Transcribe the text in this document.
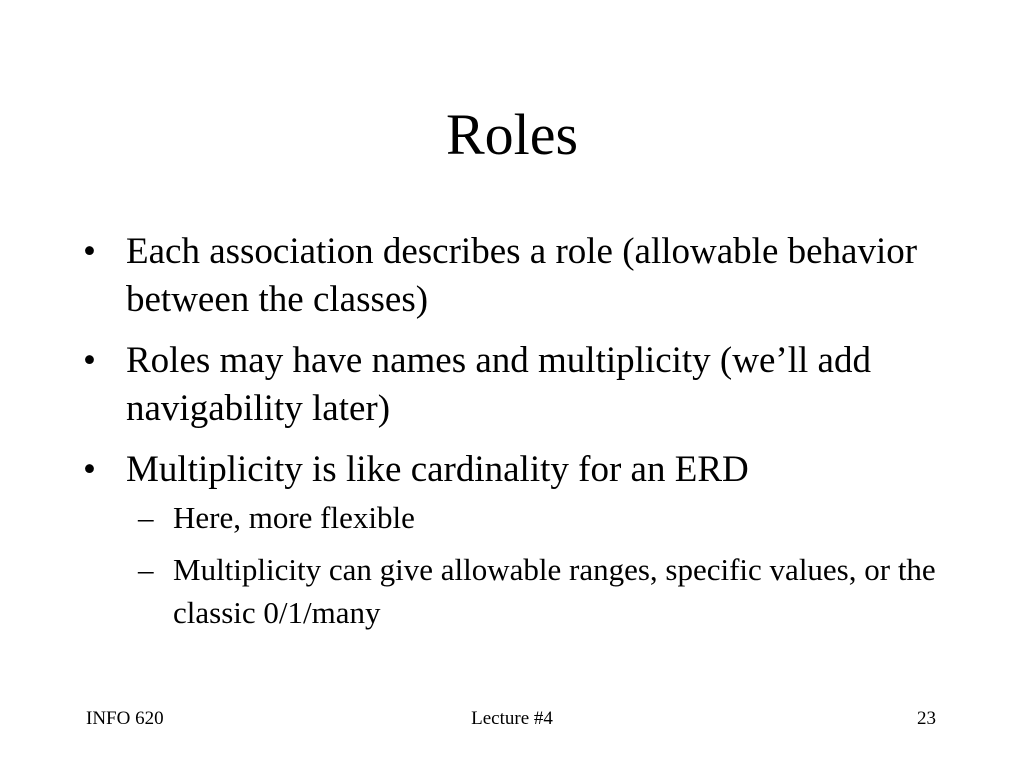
Roles
• Each association describes a role (allowable behavior between the classes)
• Roles may have names and multiplicity (we’ll add navigability later)
• Multiplicity is like cardinality for an ERD
– Here, more flexible
– Multiplicity can give allowable ranges, specific values, or the classic 0/1/many
Lecture #4
INFO 620	23
